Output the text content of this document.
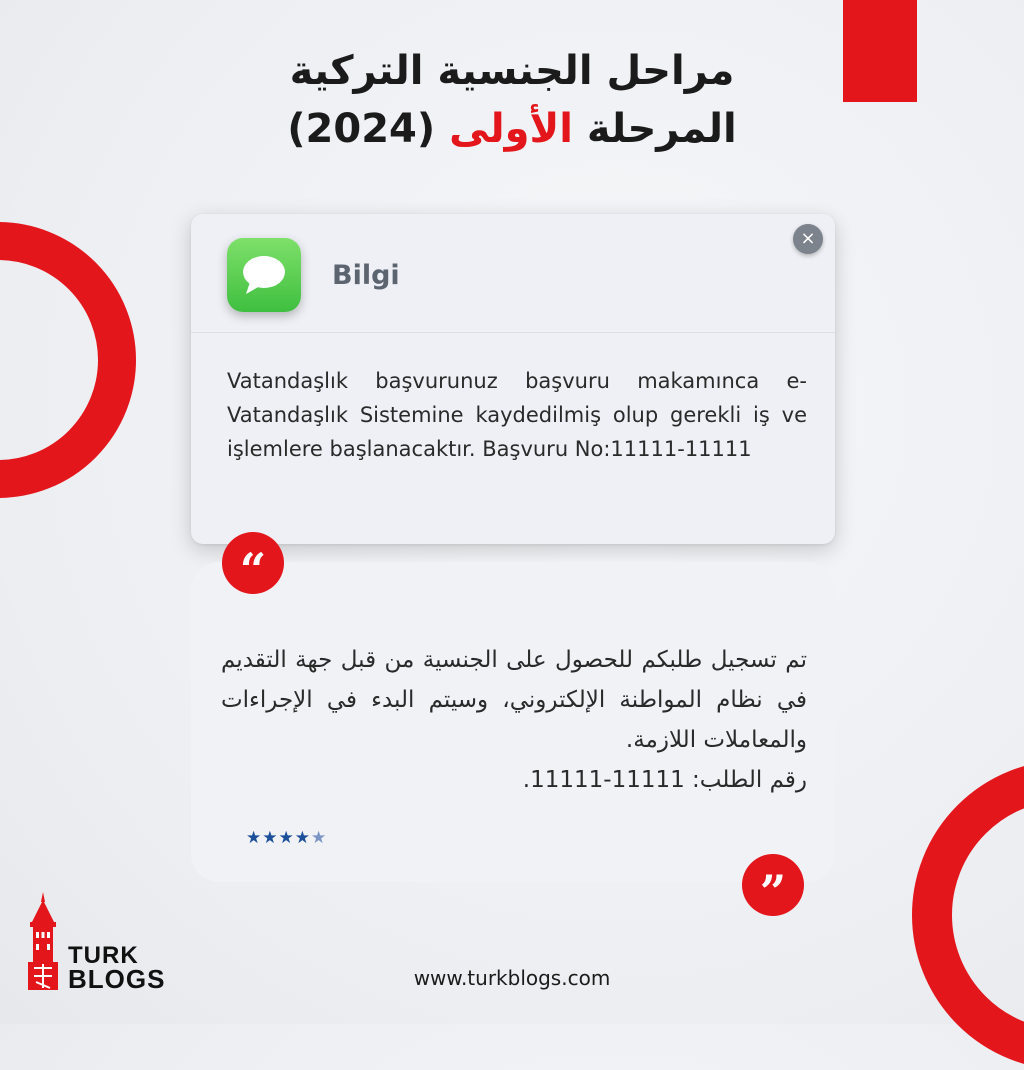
مراحل الجنسية التركية
المرحلة الأولى (2024)
Bilgi
×
Vatandaşlık başvurunuz başvuru makamınca e-Vatandaşlık Sistemine kaydedilmiş olup gerekli iş ve işlemlere başlanacaktır. Başvuru No:11111-11111
تم تسجيل طلبكم للحصول على الجنسية من قبل جهة التقديم في نظام المواطنة الإلكتروني، وسيتم البدء في الإجراءات والمعاملات اللازمة.
رقم الطلب: 11111-11111.
★★★★★
“
”
TURK
BLOGS	www.turkblogs.com
